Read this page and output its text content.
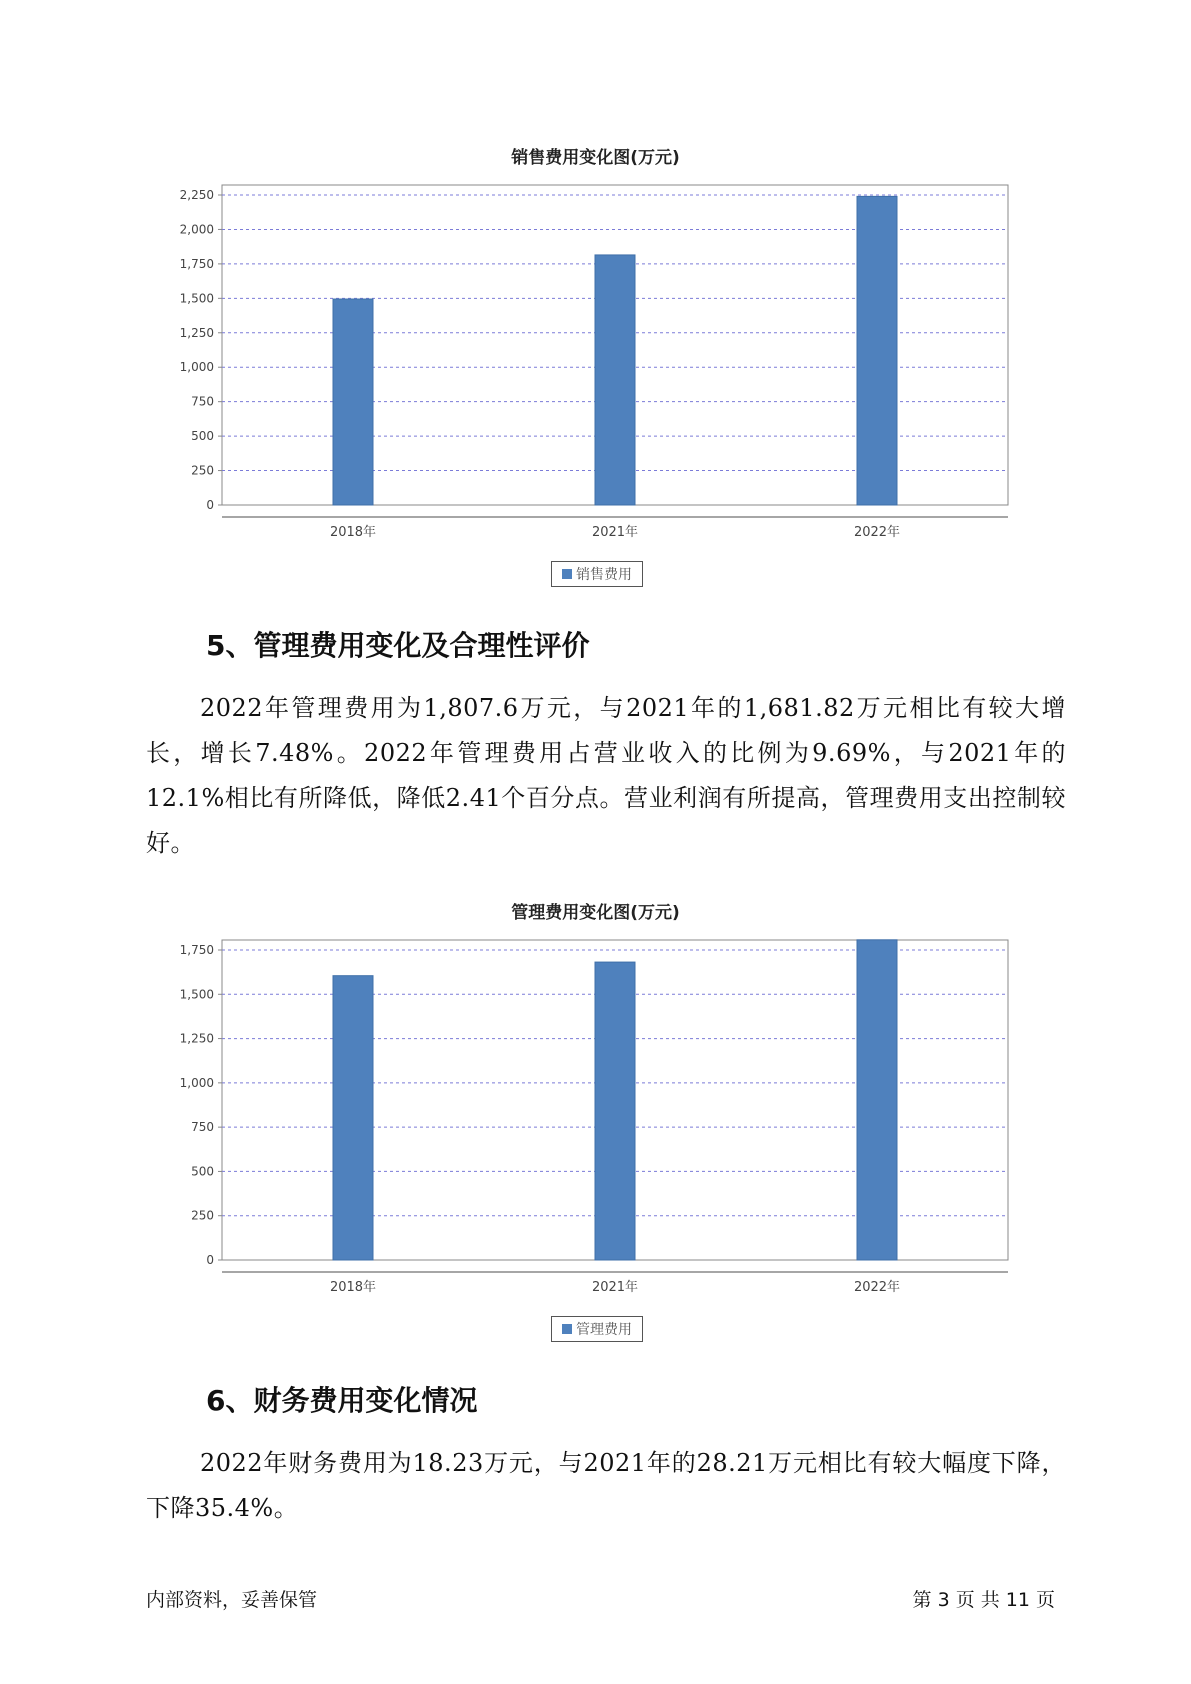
销售费用变化图(万元)
0
250
500
750
1,000
1,250
1,500
1,750
2,000
2,250
2018年	2021年	2022年
销售费用
5、管理费用变化及合理性评价

2022年管理费用为1,807.6万元，与2021年的1,681.82万元相比有较大增长，增长7.48%。2022年管理费用占营业收入的比例为9.69%，与2021年的12.1%相比有所降低，降低2.41个百分点。营业利润有所提高，管理费用支出控制较好。

管理费用变化图(万元)
0
250
500
750
1,000
1,250
1,500
1,750
2018年	2021年	2022年
管理费用
6、财务费用变化情况

2022年财务费用为18.23万元，与2021年的28.21万元相比有较大幅度下降，下降35.4%。

内部资料，妥善保管	第 3 页 共 11 页
